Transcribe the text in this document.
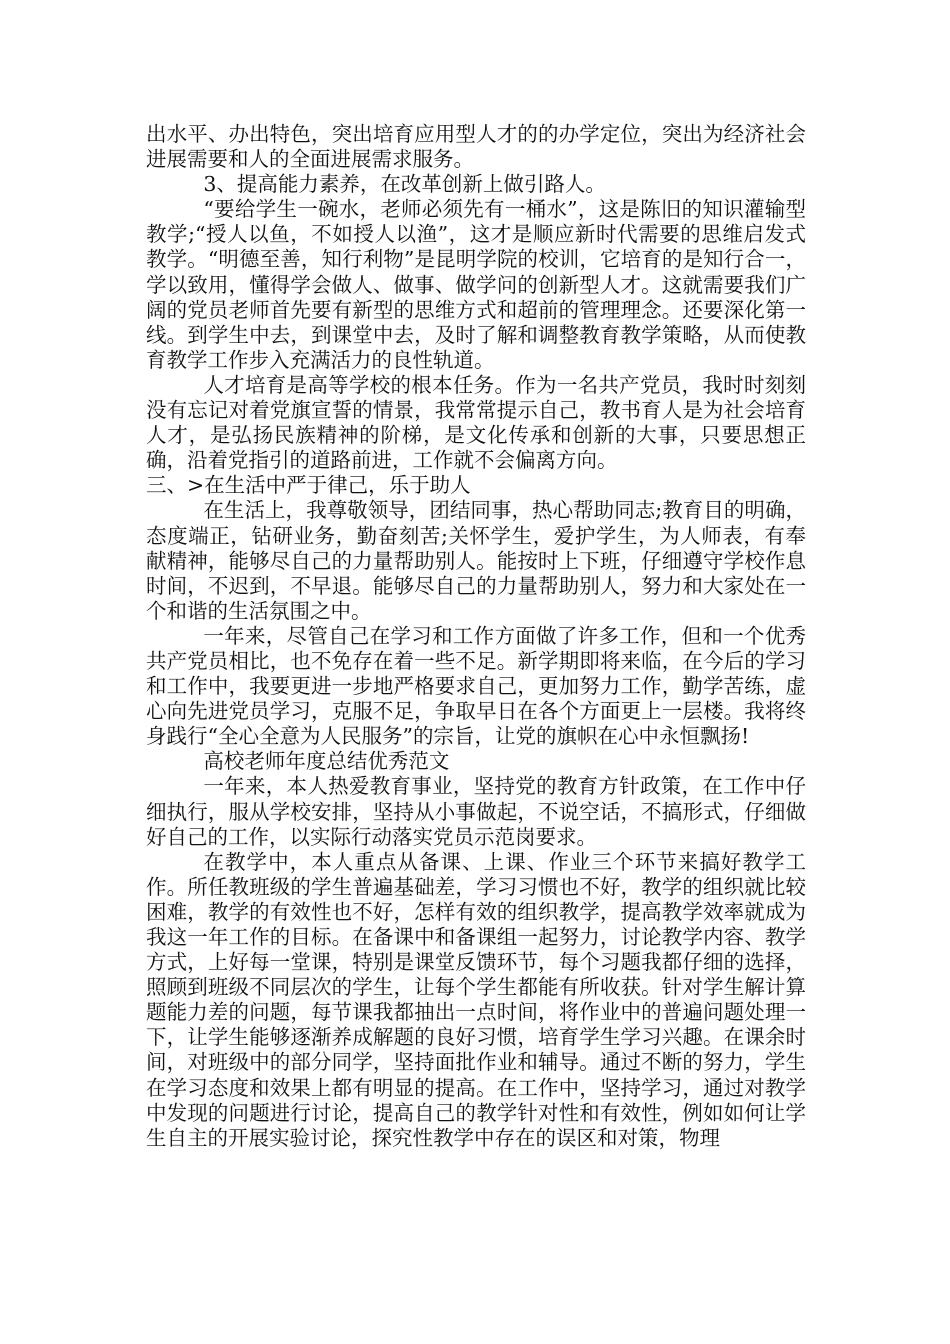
出水平、办出特色，突出培育应用型人才的的办学定位，突出为经济社会进展需要和人的全面进展需求服务。

3、提高能力素养，在改革创新上做引路人。

“要给学生一碗水，老师必须先有一桶水”，这是陈旧的知识灌输型教学;“授人以鱼，不如授人以渔”，这才是顺应新时代需要的思维启发式教学。“明德至善，知行利物”是昆明学院的校训，它培育的是知行合一，学以致用，懂得学会做人、做事、做学问的创新型人才。这就需要我们广阔的党员老师首先要有新型的思维方式和超前的管理理念。还要深化第一线。到学生中去，到课堂中去，及时了解和调整教育教学策略，从而使教育教学工作步入充满活力的良性轨道。

人才培育是高等学校的根本任务。作为一名共产党员，我时时刻刻没有忘记对着党旗宣誓的情景，我常常提示自己，教书育人是为社会培育人才，是弘扬民族精神的阶梯，是文化传承和创新的大事，只要思想正确，沿着党指引的道路前进，工作就不会偏离方向。

三、>在生活中严于律己，乐于助人

在生活上，我尊敬领导，团结同事，热心帮助同志;教育目的明确，态度端正，钻研业务，勤奋刻苦;关怀学生，爱护学生，为人师表，有奉献精神，能够尽自己的力量帮助别人。能按时上下班，仔细遵守学校作息时间，不迟到，不早退。能够尽自己的力量帮助别人，努力和大家处在一个和谐的生活氛围之中。

一年来，尽管自己在学习和工作方面做了许多工作，但和一个优秀共产党员相比，也不免存在着一些不足。新学期即将来临，在今后的学习和工作中，我要更进一步地严格要求自己，更加努力工作，勤学苦练，虚心向先进党员学习，克服不足，争取早日在各个方面更上一层楼。我将终身践行“全心全意为人民服务”的宗旨，让党的旗帜在心中永恒飘扬!

高校老师年度总结优秀范文

一年来，本人热爱教育事业，坚持党的教育方针政策，在工作中仔细执行，服从学校安排，坚持从小事做起，不说空话，不搞形式，仔细做好自己的工作，以实际行动落实党员示范岗要求。

在教学中，本人重点从备课、上课、作业三个环节来搞好教学工作。所任教班级的学生普遍基础差，学习习惯也不好，教学的组织就比较困难，教学的有效性也不好，怎样有效的组织教学，提高教学效率就成为我这一年工作的目标。在备课中和备课组一起努力，讨论教学内容、教学方式，上好每一堂课，特别是课堂反馈环节，每个习题我都仔细的选择，照顾到班级不同层次的学生，让每个学生都能有所收获。针对学生解计算题能力差的问题，每节课我都抽出一点时间，将作业中的普遍问题处理一下，让学生能够逐渐养成解题的良好习惯，培育学生学习兴趣。在课余时间，对班级中的部分同学，坚持面批作业和辅导。通过不断的努力，学生在学习态度和效果上都有明显的提高。在工作中，坚持学习，通过对教学中发现的问题进行讨论，提高自己的教学针对性和有效性，例如如何让学生自主的开展实验讨论，探究性教学中存在的误区和对策，物理
